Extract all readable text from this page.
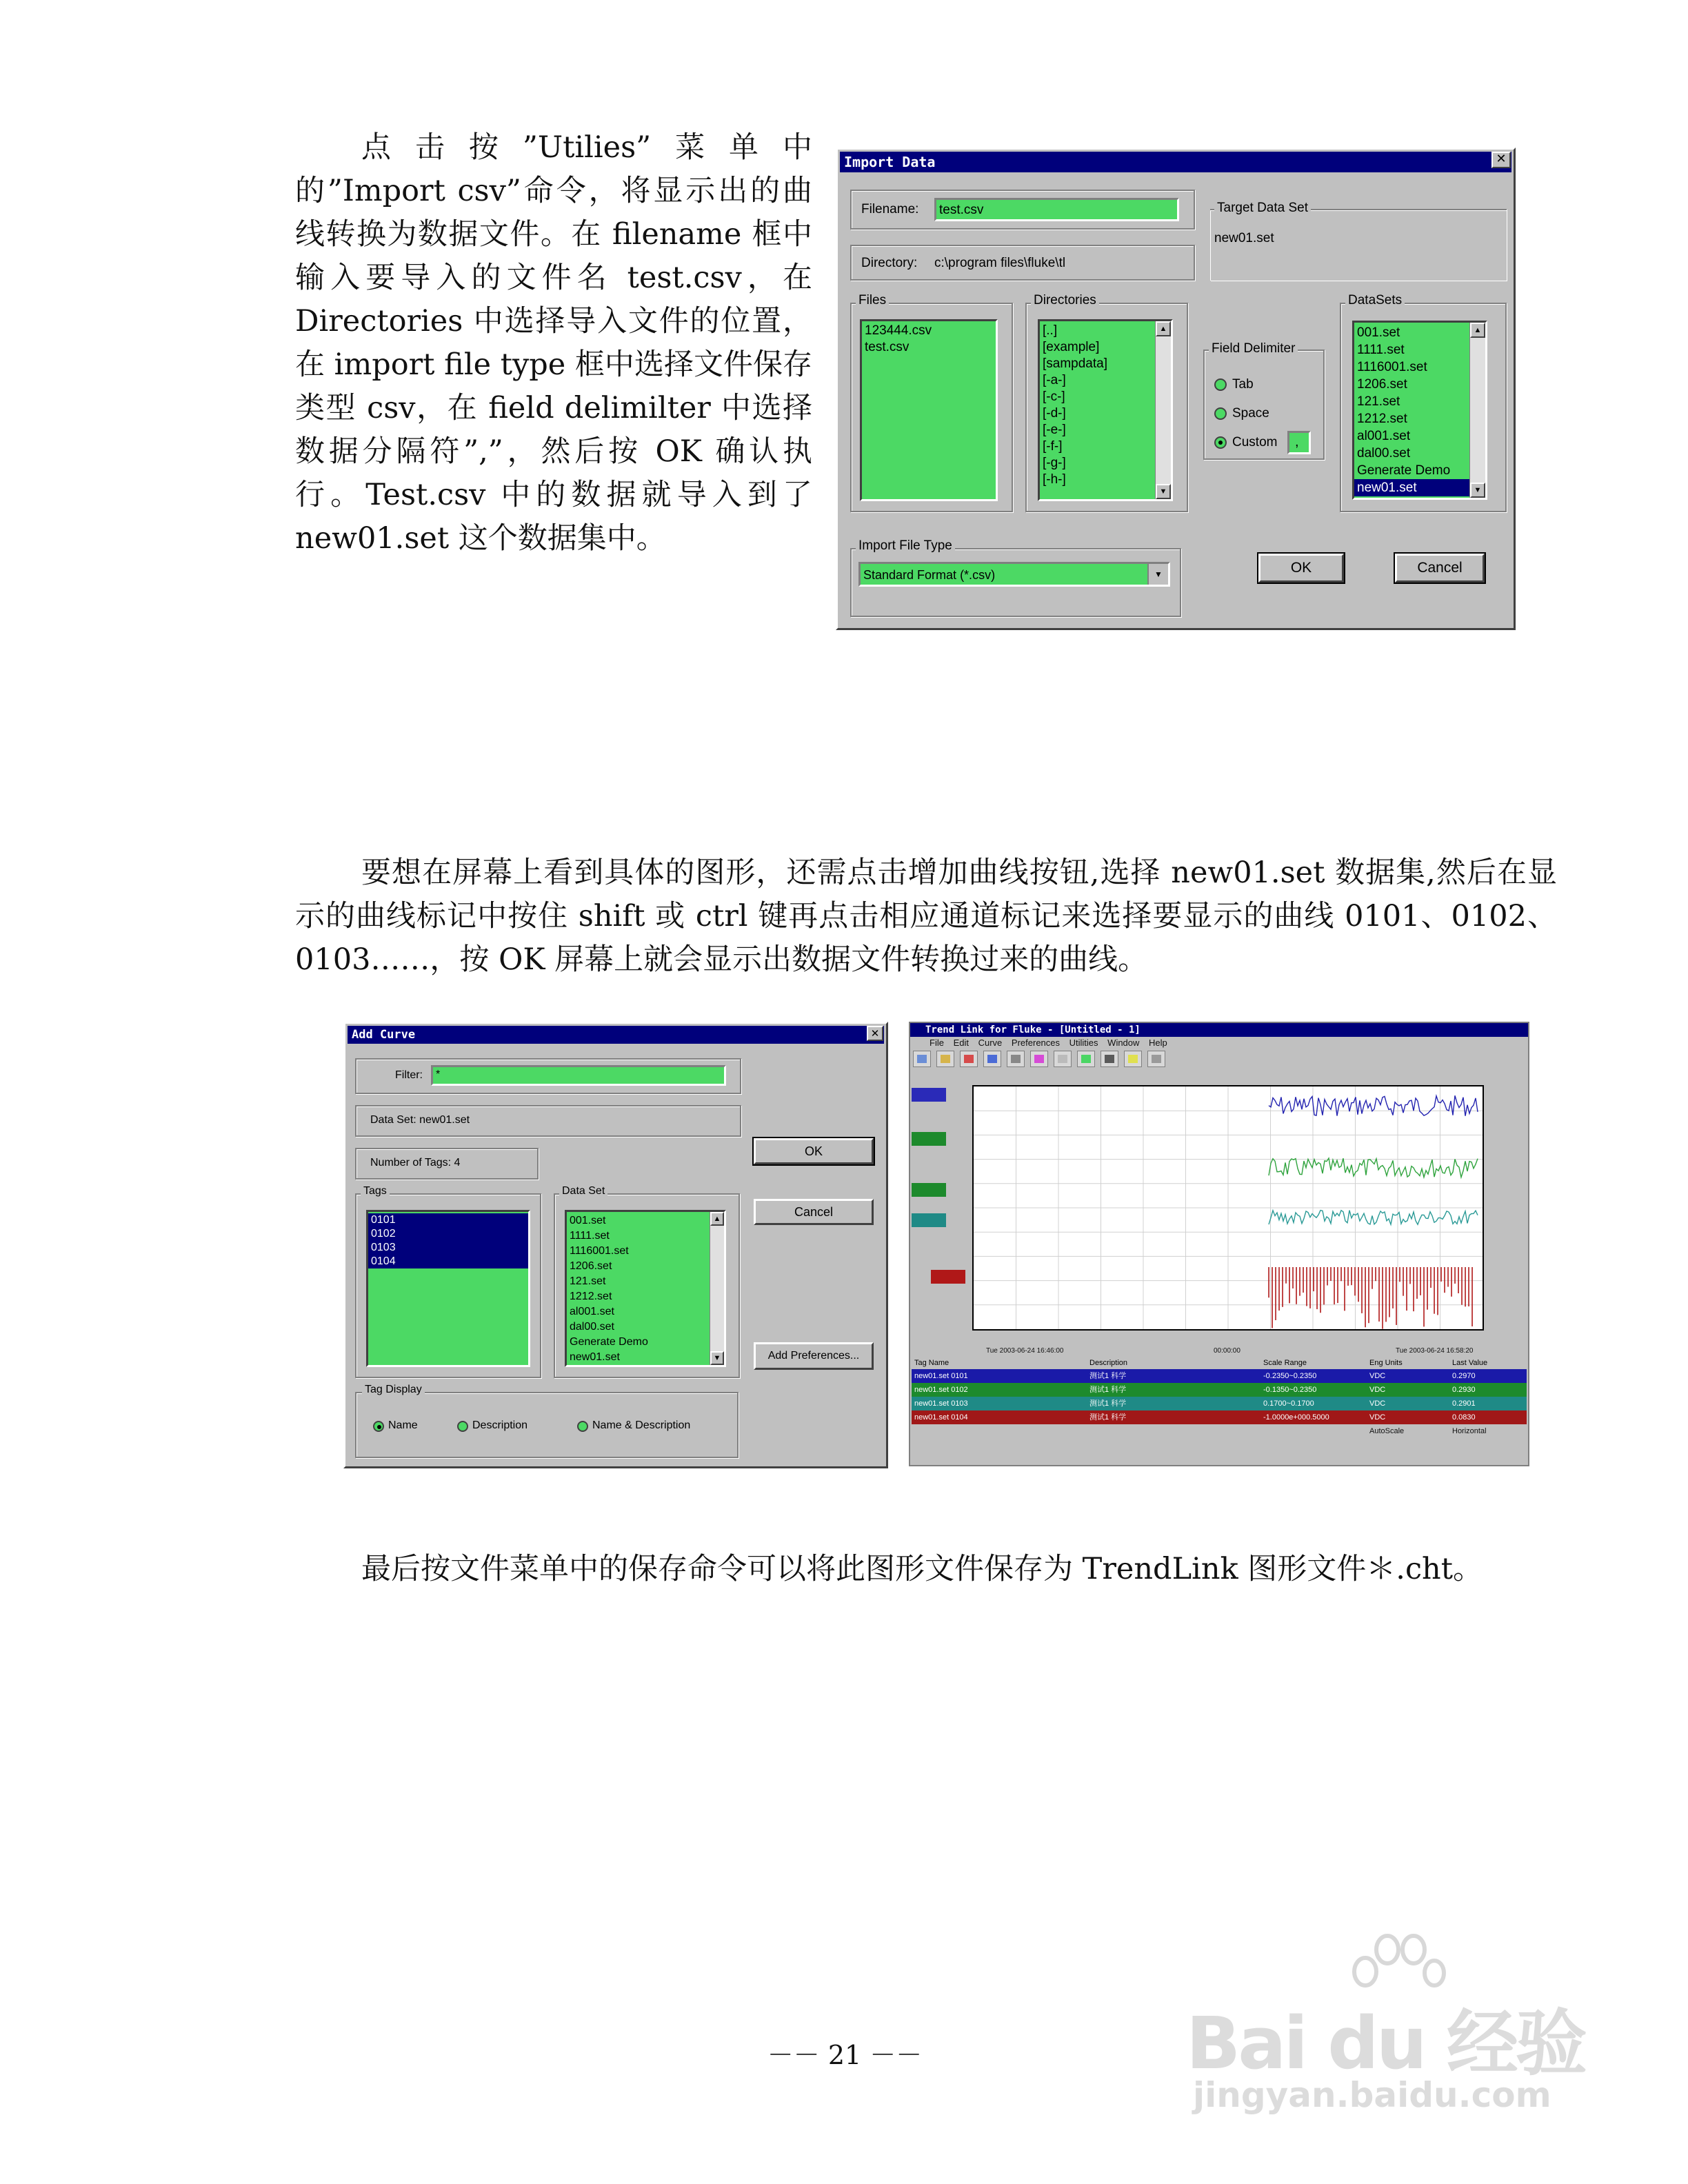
点击按”Utilies”菜单中的”Import csv”命令，将显示出的曲线转换为数据文件。在 filename 框中输入要导入的文件名 test.csv，在 Directories 中选择导入文件的位置，在 import file type 框中选择文件保存类型 csv，在 field delimilter 中选择数据分隔符”,”，然后按 OK 确认执行。Test.csv 中的数据就导入到了 new01.set 这个数据集中。
Import Data	✕
Filename: test.csv
Directory: c:\program files\fluke\tl
Target Data Set
new01.set
Files
123444.csv
test.csv
Directories
[..]
[example]
[sampdata]
[-a-]
[-c-]
[-d-]
[-e-]
[-f-]
[-g-]
[-h-]
▲
▼
Field Delimiter
Tab
Space
Custom ,
DataSets
001.set
1111.set
1116001.set
1206.set
121.set
1212.set
al001.set
dal00.set
Generate Demo
new01.set
▲
▼
Import File Type
Standard Format (*.csv)	▼	OK	Cancel
要想在屏幕上看到具体的图形，还需点击增加曲线按钮,选择 new01.set 数据集,然后在显示的曲线标记中按住 shift 或 ctrl 键再点击相应通道标记来选择要显示的曲线 0101、0102、0103……，按 OK 屏幕上就会显示出数据文件转换过来的曲线。
Add Curve	✕
Filter: *
Data Set: new01.set
Number of Tags: 4
OK
Cancel
Add Preferences...
Tags
0101
0102
0103
0104
Data Set
001.set
1111.set
1116001.set
1206.set
121.set
1212.set
al001.set
dal00.set
Generate Demo
new01.set
▲
▼
Tag Display
Name	Description	Name & Description
Trend Link for Fluke - [Untitled - 1]
File Edit Curve Preferences Utilities Window Help
Tue 2003-06-24 16:46:00	00:00:00	Tue 2003-06-24 16:58:20
Tag Name	Description	Scale Range	Eng Units	Last Value
new01.set 0101	测试1 科学	-0.2350~0.2350	VDC	0.2970
new01.set 0102	测试1 科学	-0.1350~0.2350	VDC	0.2930
new01.set 0103	测试1 科学	0.1700~0.1700	VDC	0.2901
new01.set 0104	测试1 科学	-1.0000e+000.5000	VDC	0.0830
AutoScale	Horizontal
最后按文件菜单中的保存命令可以将此图形文件保存为 TrendLink 图形文件＊.cht。
Bai du 经验
jingyan.baidu.com
－－ 21 －－
